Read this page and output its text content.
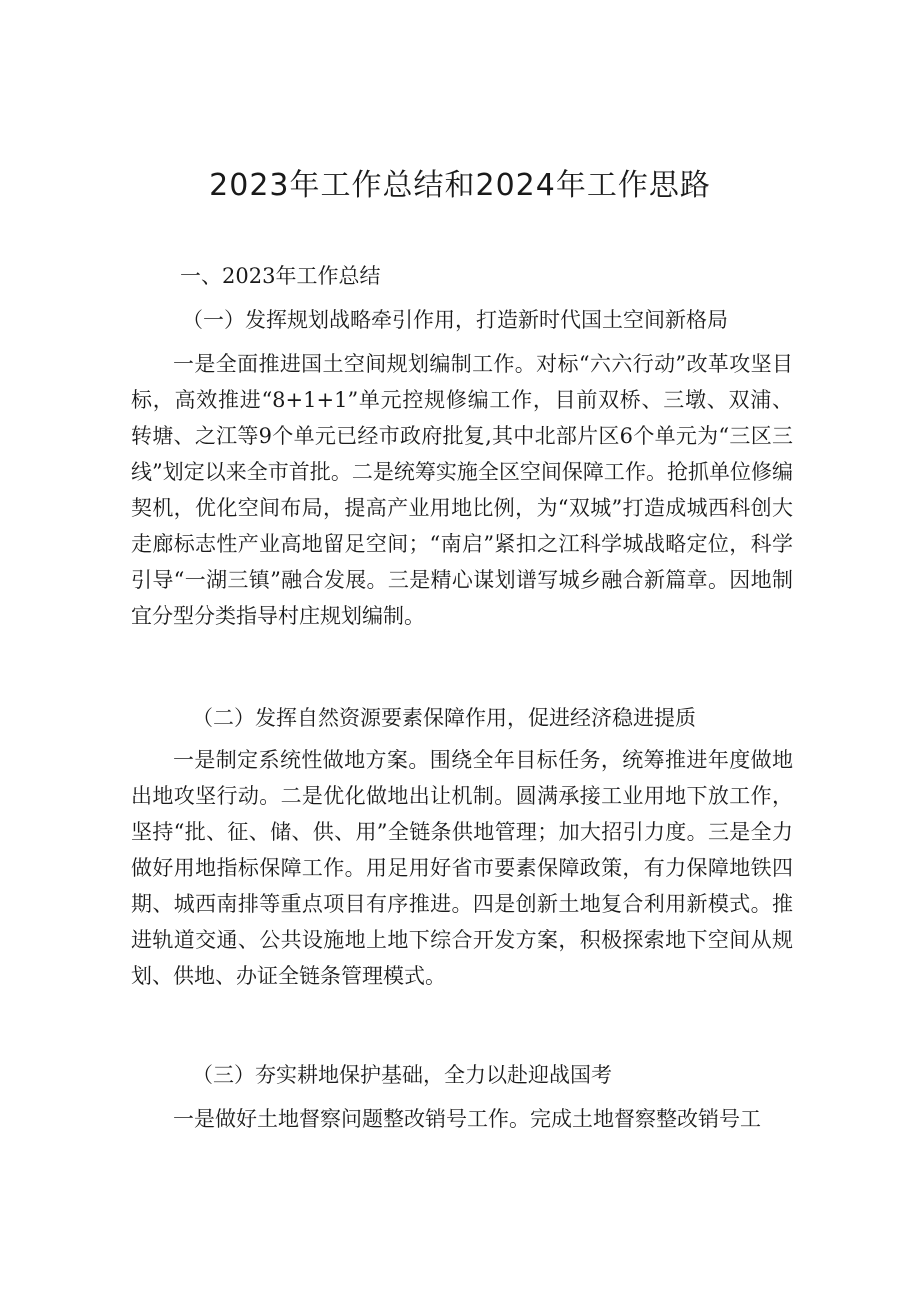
2023年工作总结和2024年工作思路
一、2023年工作总结
（一）发挥规划战略牵引作用，打造新时代国土空间新格局

一是全面推进国土空间规划编制工作。对标“六六行动”改革攻坚目标，高效推进“8+1+1”单元控规修编工作，目前双桥、三墩、双浦、转塘、之江等9个单元已经市政府批复,其中北部片区6个单元为“三区三线”划定以来全市首批。二是统筹实施全区空间保障工作。抢抓单位修编契机，优化空间布局，提高产业用地比例，为“双城”打造成城西科创大走廊标志性产业高地留足空间；“南启”紧扣之江科学城战略定位，科学引导“一湖三镇”融合发展。三是精心谋划谱写城乡融合新篇章。因地制宜分型分类指导村庄规划编制。

（二）发挥自然资源要素保障作用，促进经济稳进提质

一是制定系统性做地方案。围绕全年目标任务，统筹推进年度做地出地攻坚行动。二是优化做地出让机制。圆满承接工业用地下放工作，坚持“批、征、储、供、用”全链条供地管理；加大招引力度。三是全力做好用地指标保障工作。用足用好省市要素保障政策，有力保障地铁四期、城西南排等重点项目有序推进。四是创新土地复合利用新模式。推进轨道交通、公共设施地上地下综合开发方案，积极探索地下空间从规划、供地、办证全链条管理模式。

（三）夯实耕地保护基础，全力以赴迎战国考

一是做好土地督察问题整改销号工作。完成土地督察整改销号工
